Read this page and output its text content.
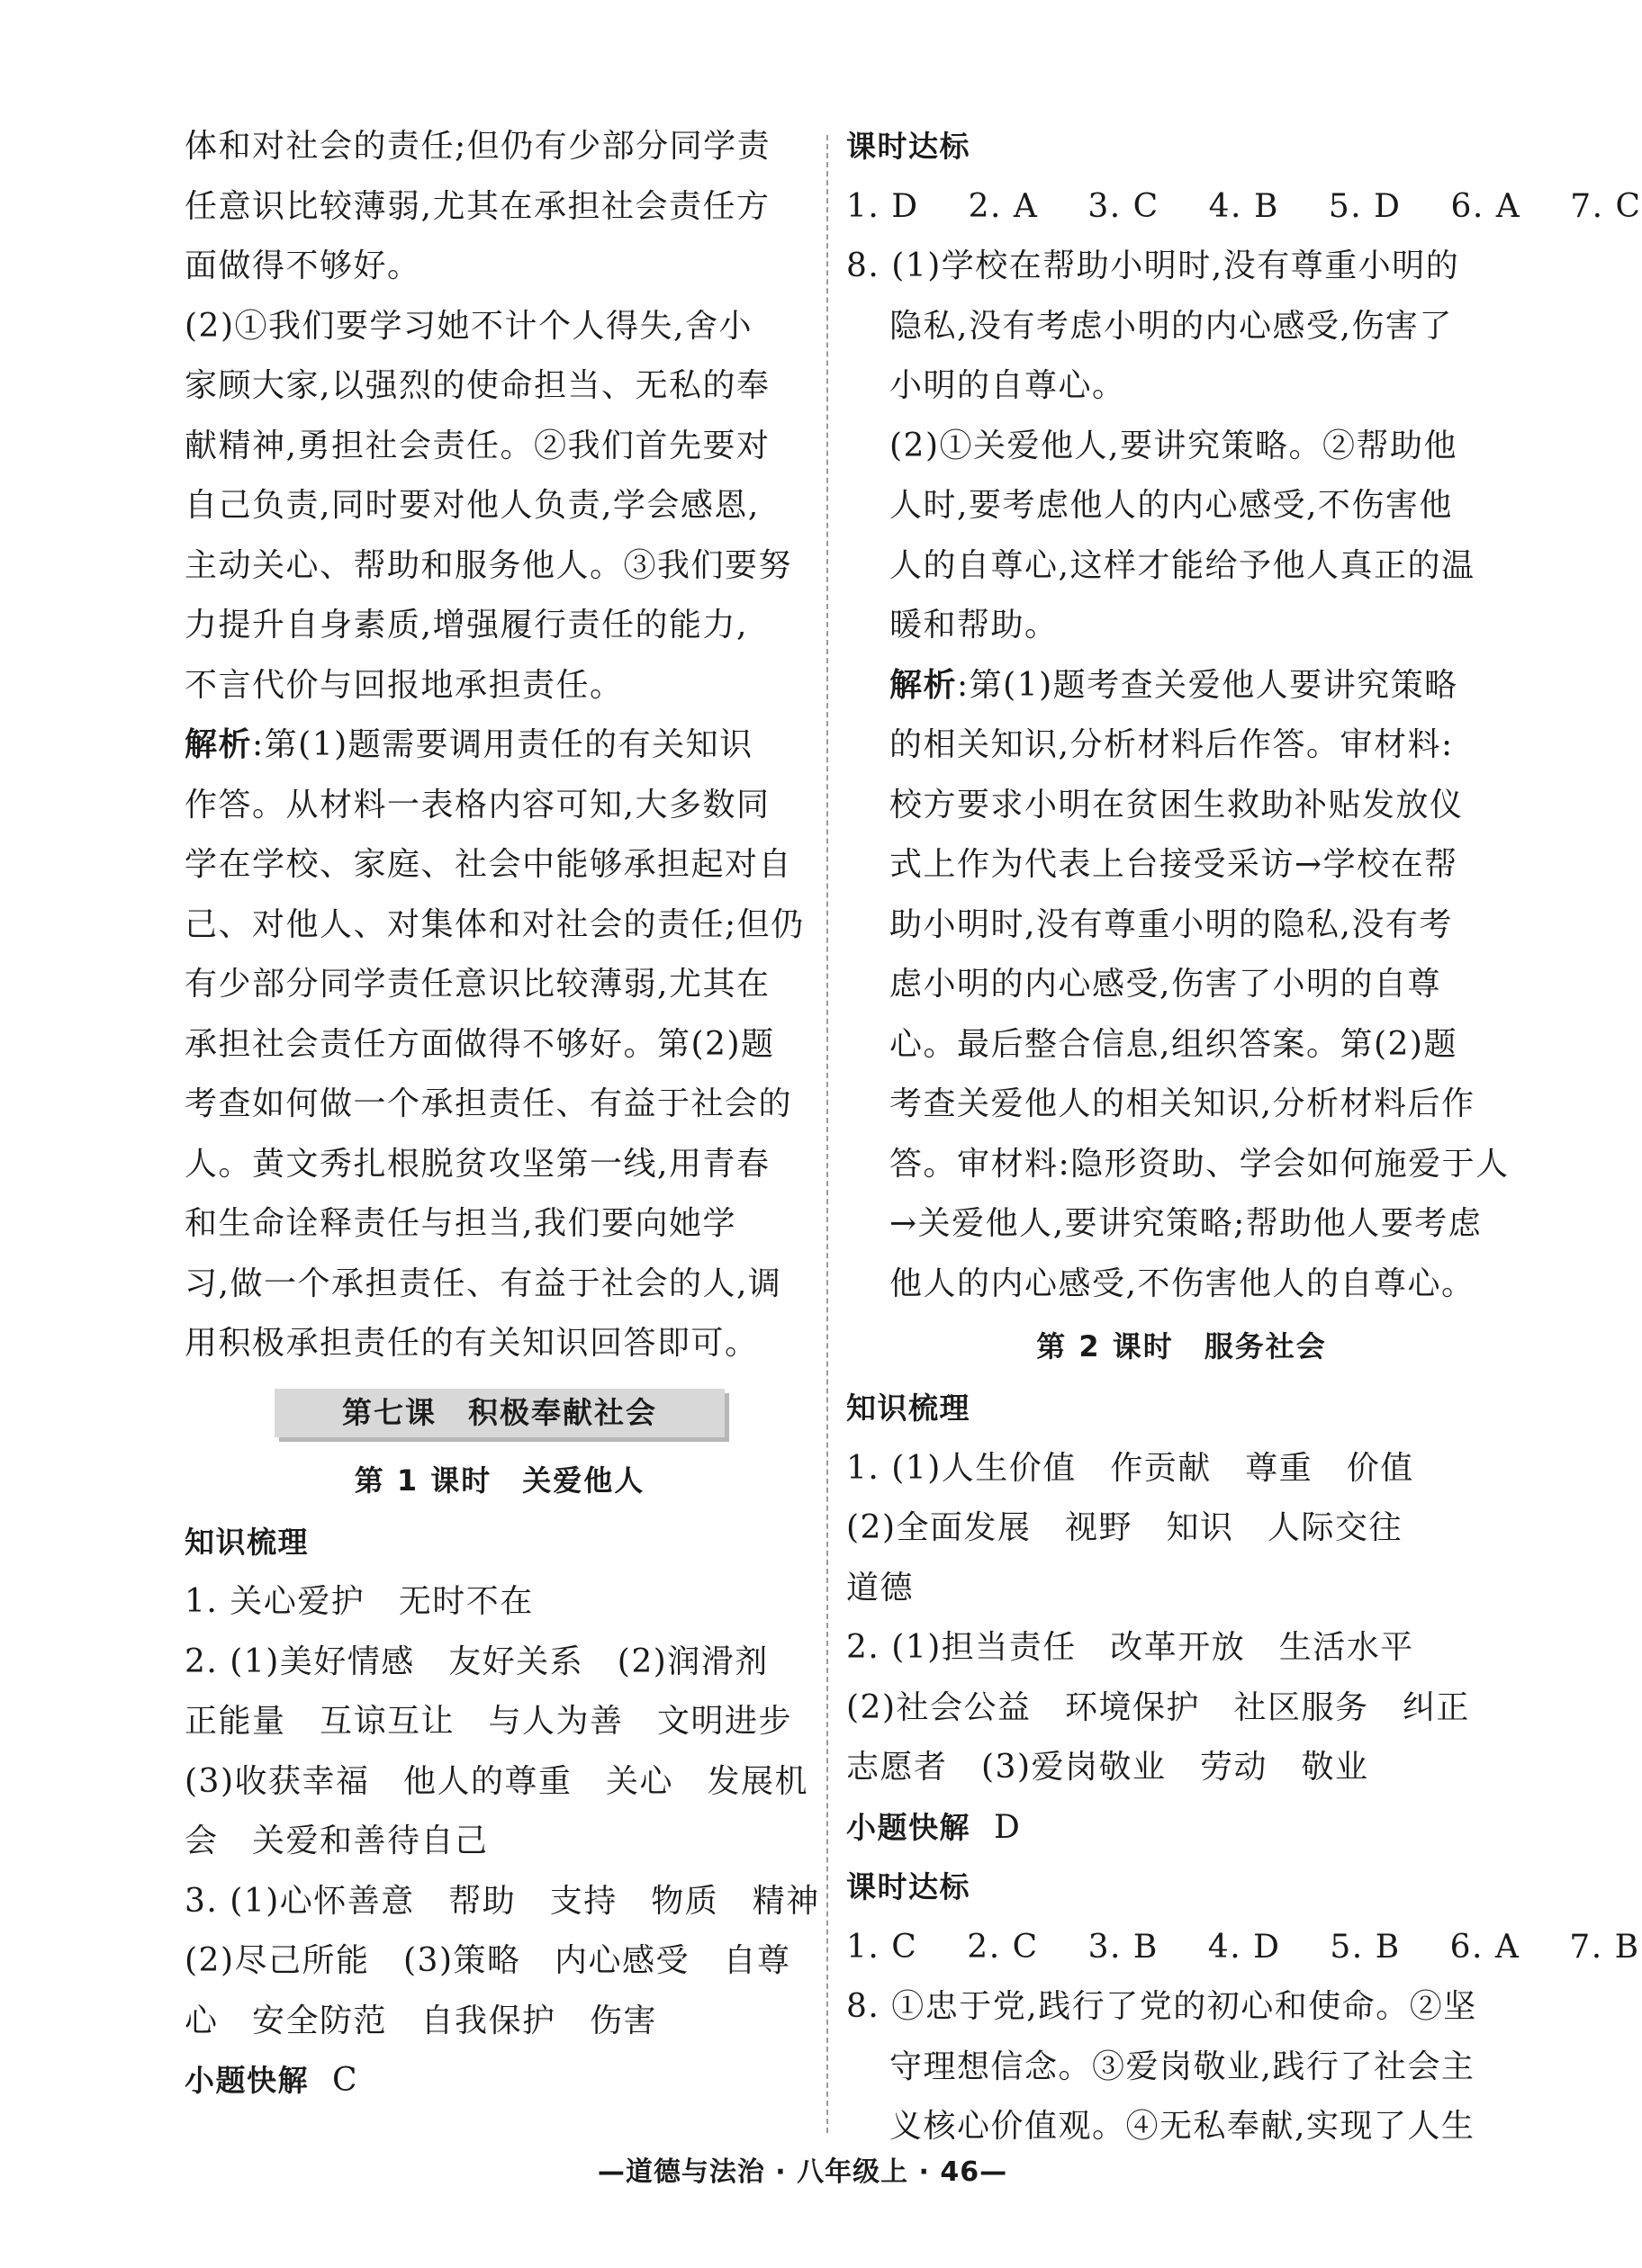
体和对社会的责任;但仍有少部分同学责
任意识比较薄弱,尤其在承担社会责任方
面做得不够好。
(2)①我们要学习她不计个人得失,舍小
家顾大家,以强烈的使命担当、无私的奉
献精神,勇担社会责任。②我们首先要对
自己负责,同时要对他人负责,学会感恩,
主动关心、帮助和服务他人。③我们要努
力提升自身素质,增强履行责任的能力,
不言代价与回报地承担责任。
解析:第(1)题需要调用责任的有关知识
作答。从材料一表格内容可知,大多数同
学在学校、家庭、社会中能够承担起对自
己、对他人、对集体和对社会的责任;但仍
有少部分同学责任意识比较薄弱,尤其在
承担社会责任方面做得不够好。第(2)题
考查如何做一个承担责任、有益于社会的
人。黄文秀扎根脱贫攻坚第一线,用青春
和生命诠释责任与担当,我们要向她学
习,做一个承担责任、有益于社会的人,调
用积极承担责任的有关知识回答即可。
第七课　积极奉献社会
第 1 课时　关爱他人
知识梳理
1. 关心爱护　无时不在
2. (1)美好情感　友好关系　(2)润滑剂
正能量　互谅互让　与人为善　文明进步
(3)收获幸福　他人的尊重　关心　发展机
会　关爱和善待自己
3. (1)心怀善意　帮助　支持　物质　精神
(2)尽己所能　(3)策略　内心感受　自尊
心　安全防范　自我保护　伤害
小题快解 C
课时达标
1. D 2. A 3. C 4. B 5. D 6. A 7. C
8. (1)学校在帮助小明时,没有尊重小明的
隐私,没有考虑小明的内心感受,伤害了
小明的自尊心。
(2)①关爱他人,要讲究策略。②帮助他
人时,要考虑他人的内心感受,不伤害他
人的自尊心,这样才能给予他人真正的温
暖和帮助。
解析:第(1)题考查关爱他人要讲究策略
的相关知识,分析材料后作答。审材料:
校方要求小明在贫困生救助补贴发放仪
式上作为代表上台接受采访→学校在帮
助小明时,没有尊重小明的隐私,没有考
虑小明的内心感受,伤害了小明的自尊
心。最后整合信息,组织答案。第(2)题
考查关爱他人的相关知识,分析材料后作
答。审材料:隐形资助、学会如何施爱于人
→关爱他人,要讲究策略;帮助他人要考虑
他人的内心感受,不伤害他人的自尊心。
第 2 课时　服务社会
知识梳理
1. (1)人生价值　作贡献　尊重　价值
(2)全面发展　视野　知识　人际交往
道德
2. (1)担当责任　改革开放　生活水平
(2)社会公益　环境保护　社区服务　纠正
志愿者　(3)爱岗敬业　劳动　敬业
小题快解 D
课时达标
1. C 2. C 3. B 4. D 5. B 6. A 7. B
8. ①忠于党,践行了党的初心和使命。②坚
守理想信念。③爱岗敬业,践行了社会主
义核心价值观。④无私奉献,实现了人生
—道德与法治 · 八年级上 · 46—
